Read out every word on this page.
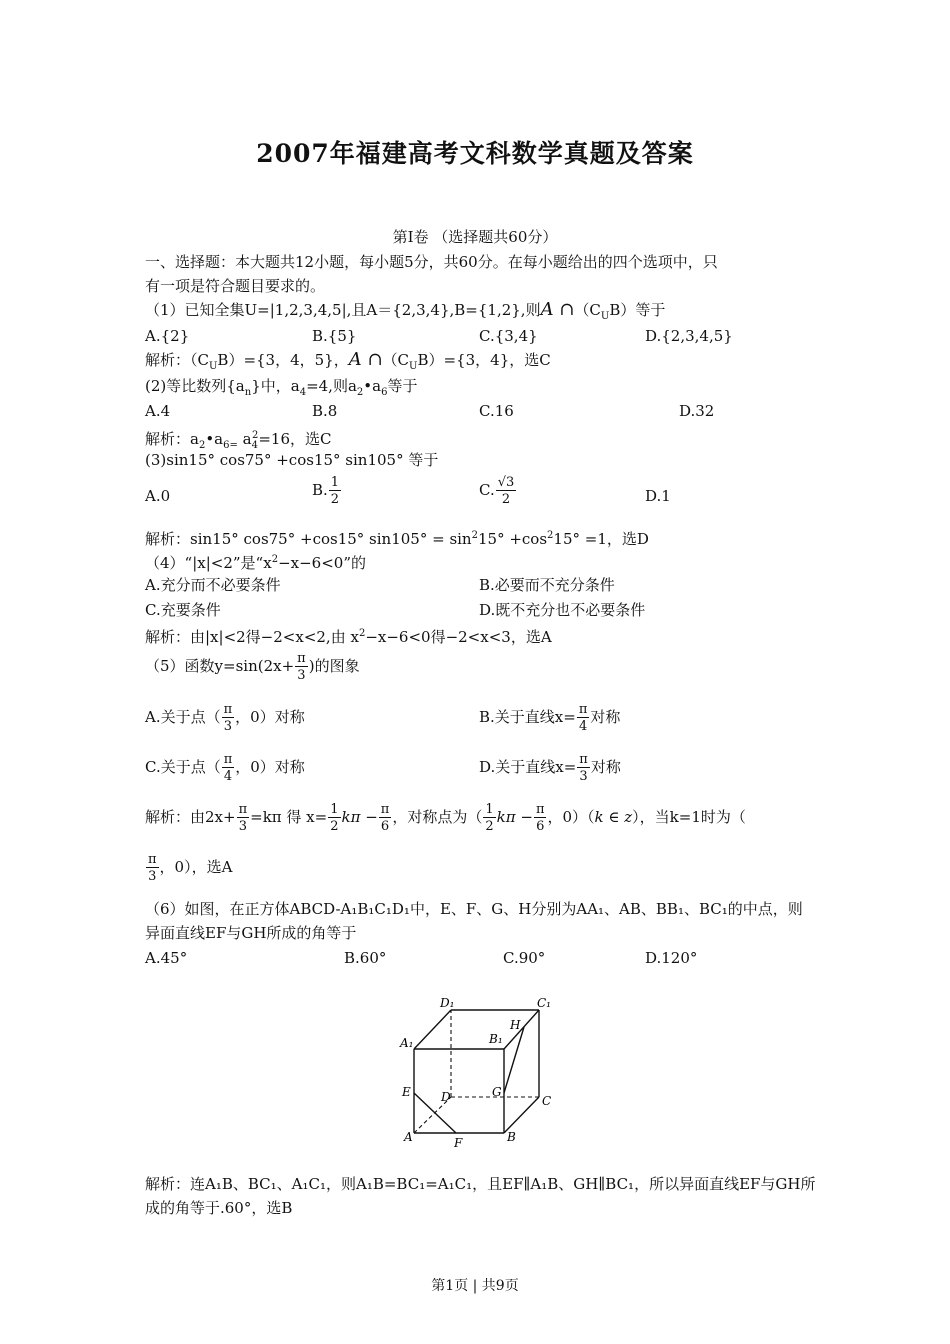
2007年福建高考文科数学真题及答案
第Ⅰ卷 （选择题共60分）
一、选择题：本大题共12小题，每小题5分，共60分。在每小题给出的四个选项中，只
有一项是符合题目要求的。
（1）已知全集U=|1,2,3,4,5|,且A＝{2,3,4},B={1,2},则A $\cap(C_UB)$等于
A.{2}	B.{5}	C.{3,4}	D.{2,3,4,5}
解析：$(C_UB)=\{3$，4，5}，A $\cap(C_UB)=\{3$，4}，选C
(2)等比数列$\{a_n\}$中，$a_4=4$,则$a_2•a_6$等于
A.4	B.8	C.16	D.32
解析：$a_2•a_{6=}$ $a_4^2=16$，选C
(3)sin15° cos75° +cos15° sin105° 等于
A.0	B. $\frac{1}{2}$	C. $\frac{√3}{2}$	D.1
解析：sin15° cos75° +cos15° $\sin 105^\circ = \sin^215^\circ +\cos^215^\circ =1$，选D
（4）“|x|<2”是“$x^2-x-6<0$”的
A.充分而不必要条件	B.必要而不充分条件
C.充要条件	D.既不充分也不必要条件
解析：由|x|<2得−2<x<2,由 $x^2-x-6<0$得−2<x<3，选A
（5）函数$y=\sin(2x+ \frac{\pi}{3}$ )的图象
A.关于点（ $\frac{\pi}{3}$ ，0）对称	B.关于直线$x= \frac{\pi}{4}$ 对称
C.关于点（ $\frac{\pi}{4}$ ，0）对称	D.关于直线$x= \frac{\pi}{3}$ 对称
解析：由$2x+ \frac{\pi}{3} =k\pi$ 得 $x= \frac{1}{2}$ $k\pi - \frac{\pi}{6}$ ，对称点为（ $\frac{1}{2}$ $k\pi - \frac{\pi}{6}$ ，0）（k ∈ z），当k=1时为（
$\frac{\pi}{3}$ ，0），选A
（6）如图，在正方体ABCD-A₁B₁C₁D₁中，E、F、G、H分别为AA₁、AB、BB₁、BC₁的中点，则
异面直线EF与GH所成的角等于
A.45°	B.60°	C.90°	D.120°
D₁	C₁
H
A₁	B₁
E	D	G
C
A	F	B
解析：连A₁B、BC₁、A₁C₁，则A₁B=BC₁=A₁C₁，且EF∥A₁B、GH∥BC₁，所以异面直线EF与GH所
成的角等于.60°，选B
第1页 | 共9页
